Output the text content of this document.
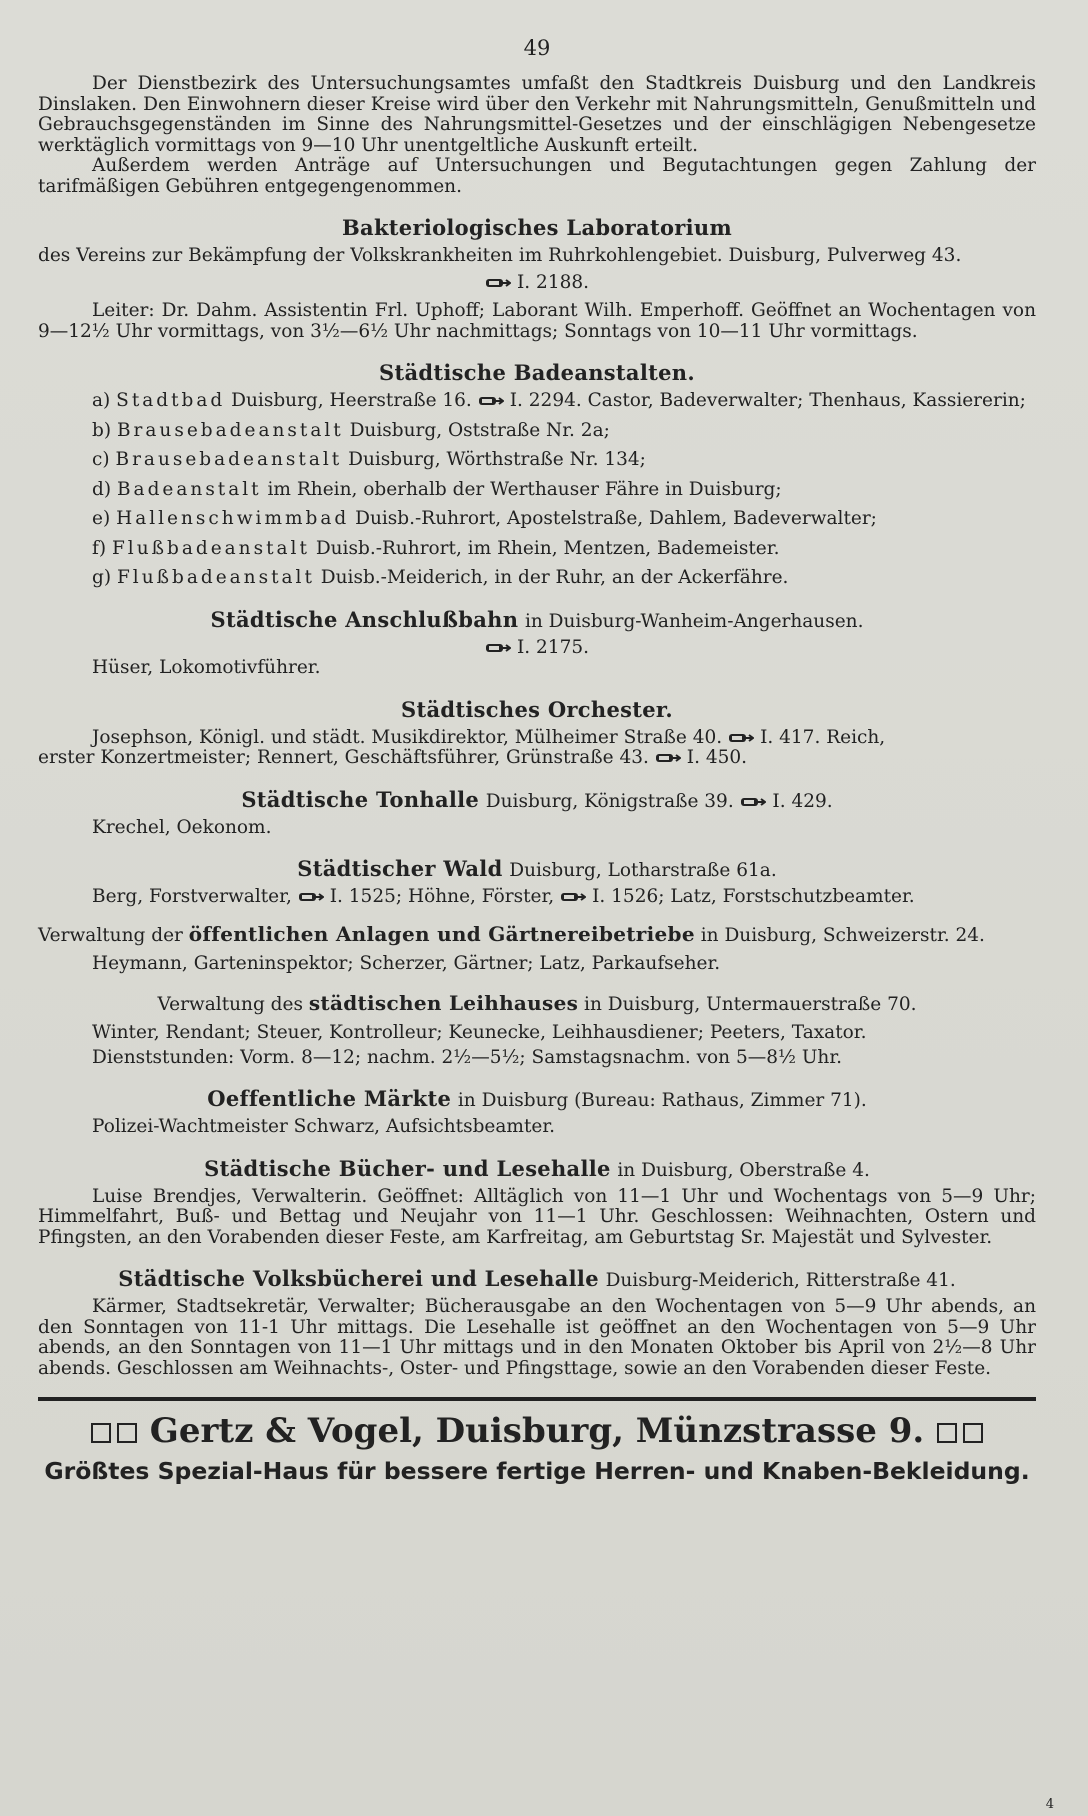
49

Der Dienstbezirk des Untersuchungsamtes umfaßt den Stadtkreis Duisburg und den Landkreis Dinslaken. Den Einwohnern dieser Kreise wird über den Verkehr mit Nahrungsmitteln, Genußmitteln und Gebrauchsgegenständen im Sinne des Nahrungsmittel-Gesetzes und der einschlägigen Nebengesetze werktäglich vormittags von 9—10 Uhr unentgeltliche Auskunft erteilt.

Außerdem werden Anträge auf Untersuchungen und Begutachtungen gegen Zahlung der tarifmäßigen Gebühren entgegengenommen.

Bakteriologisches Laboratorium

des Vereins zur Bekämpfung der Volkskrankheiten im Ruhrkohlengebiet. Duisburg, Pulverweg 43.

I. 2188.

Leiter: Dr. Dahm. Assistentin Frl. Uphoff; Laborant Wilh. Emperhoff. Geöffnet an Wochentagen von 9—12½ Uhr vormittags, von 3½—6½ Uhr nachmittags; Sonntags von 10—11 Uhr vormittags.

Städtische Badeanstalten.

a) Stadtbad Duisburg, Heerstraße 16. I. 2294. Castor, Badeverwalter; Thenhaus, Kassiererin;

b) Brausebadeanstalt Duisburg, Oststraße Nr. 2a;

c) Brausebadeanstalt Duisburg, Wörthstraße Nr. 134;

d) Badeanstalt im Rhein, oberhalb der Werthauser Fähre in Duisburg;

e) Hallenschwimmbad Duisb.-Ruhrort, Apostelstraße, Dahlem, Badeverwalter;

f) Flußbadeanstalt Duisb.-Ruhrort, im Rhein, Mentzen, Bademeister.

g) Flußbadeanstalt Duisb.-Meiderich, in der Ruhr, an der Ackerfähre.

Städtische Anschlußbahn in Duisburg-Wanheim-Angerhausen.

I. 2175.

Hüser, Lokomotivführer.

Städtisches Orchester.

Josephson, Königl. und städt. Musikdirektor, Mülheimer Straße 40. I. 417. Reich,

erster Konzertmeister; Rennert, Geschäftsführer, Grünstraße 43. I. 450.

Städtische Tonhalle Duisburg, Königstraße 39. I. 429.

Krechel, Oekonom.

Städtischer Wald Duisburg, Lotharstraße 61a.

Berg, Forstverwalter, I. 1525; Höhne, Förster, I. 1526; Latz, Forstschutzbeamter.

Verwaltung der öffentlichen Anlagen und Gärtnereibetriebe in Duisburg, Schweizerstr. 24.

Heymann, Garteninspektor; Scherzer, Gärtner; Latz, Parkaufseher.

Verwaltung des städtischen Leihhauses in Duisburg, Untermauerstraße 70.

Winter, Rendant; Steuer, Kontrolleur; Keunecke, Leihhausdiener; Peeters, Taxator.

Dienststunden: Vorm. 8—12; nachm. 2½—5½; Samstagsnachm. von 5—8½ Uhr.

Oeffentliche Märkte in Duisburg (Bureau: Rathaus, Zimmer 71).

Polizei-Wachtmeister Schwarz, Aufsichtsbeamter.

Städtische Bücher- und Lesehalle in Duisburg, Oberstraße 4.

Luise Brendjes, Verwalterin. Geöffnet: Alltäglich von 11—1 Uhr und Wochentags von 5—9 Uhr; Himmelfahrt, Buß- und Bettag und Neujahr von 11—1 Uhr. Geschlossen: Weihnachten, Ostern und Pfingsten, an den Vorabenden dieser Feste, am Karfreitag, am Geburtstag Sr. Majestät und Sylvester.

Städtische Volksbücherei und Lesehalle Duisburg-Meiderich, Ritterstraße 41.

Kärmer, Stadtsekretär, Verwalter; Bücherausgabe an den Wochentagen von 5—9 Uhr abends, an den Sonntagen von 11-1 Uhr mittags. Die Lesehalle ist geöffnet an den Wochentagen von 5—9 Uhr abends, an den Sonntagen von 11—1 Uhr mittags und in den Monaten Oktober bis April von 2½—8 Uhr abends. Geschlossen am Weihnachts-, Oster- und Pfingsttage, sowie an den Vorabenden dieser Feste.

Gertz & Vogel, Duisburg, Münzstrasse 9.
Größtes Spezial-Haus für bessere fertige Herren- und Knaben-Bekleidung.
4
